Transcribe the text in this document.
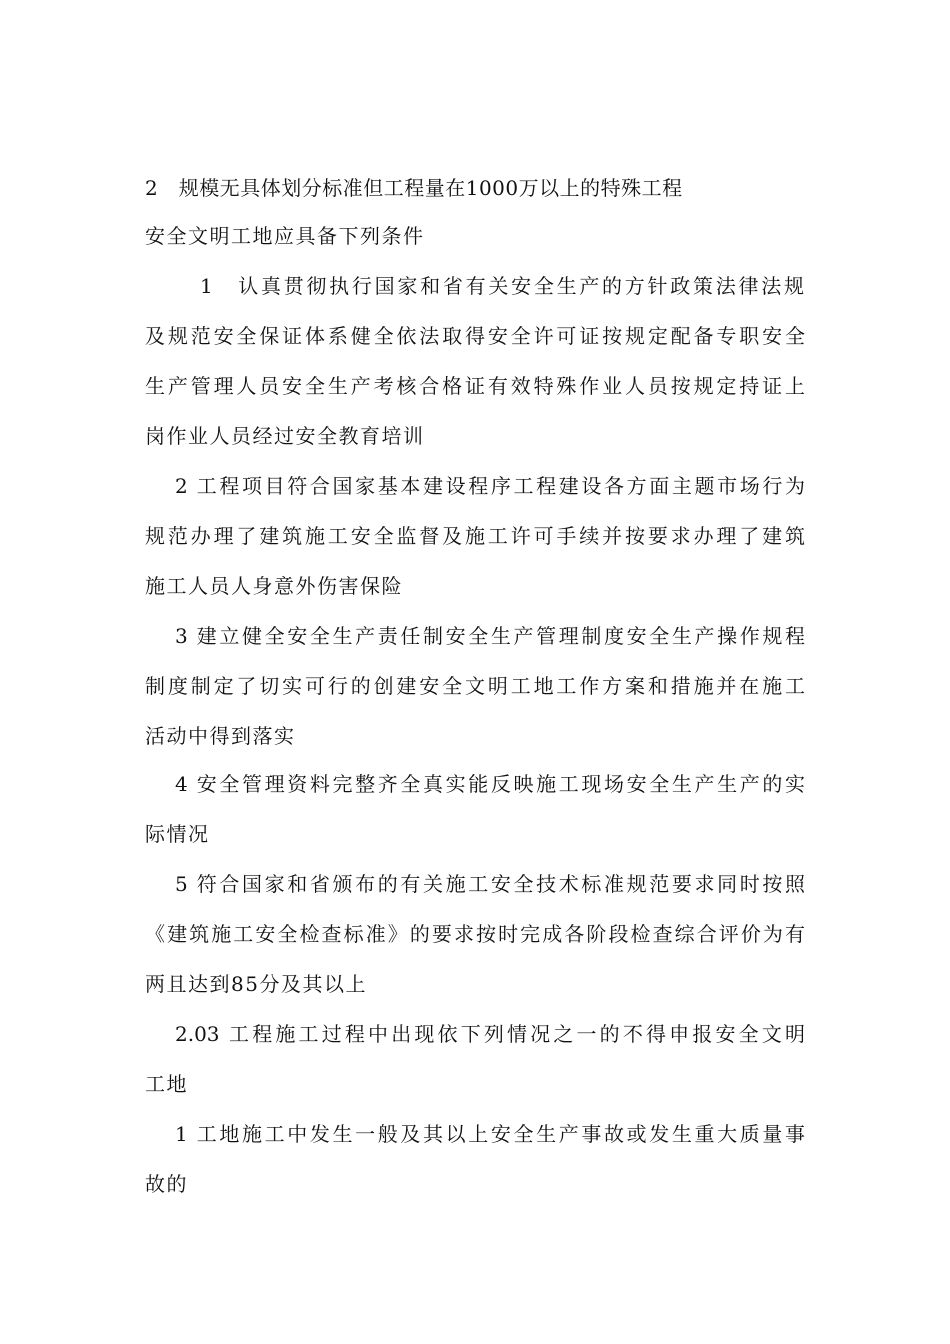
2　规模无具体划分标准但工程量在1000万以上的特殊工程
安全文明工地应具备下列条件
1　认真贯彻执行国家和省有关安全生产的方针政策法律法规
及规范安全保证体系健全依法取得安全许可证按规定配备专职安全
生产管理人员安全生产考核合格证有效特殊作业人员按规定持证上
岗作业人员经过安全教育培训
2 工程项目符合国家基本建设程序工程建设各方面主题市场行为
规范办理了建筑施工安全监督及施工许可手续并按要求办理了建筑
施工人员人身意外伤害保险
3 建立健全安全生产责任制安全生产管理制度安全生产操作规程
制度制定了切实可行的创建安全文明工地工作方案和措施并在施工
活动中得到落实
4 安全管理资料完整齐全真实能反映施工现场安全生产生产的实
际情况
5 符合国家和省颁布的有关施工安全技术标准规范要求同时按照
《建筑施工安全检查标准》的要求按时完成各阶段检查综合评价为有
两且达到85分及其以上
2.03 工程施工过程中出现依下列情况之一的不得申报安全文明
工地
1 工地施工中发生一般及其以上安全生产事故或发生重大质量事
故的
